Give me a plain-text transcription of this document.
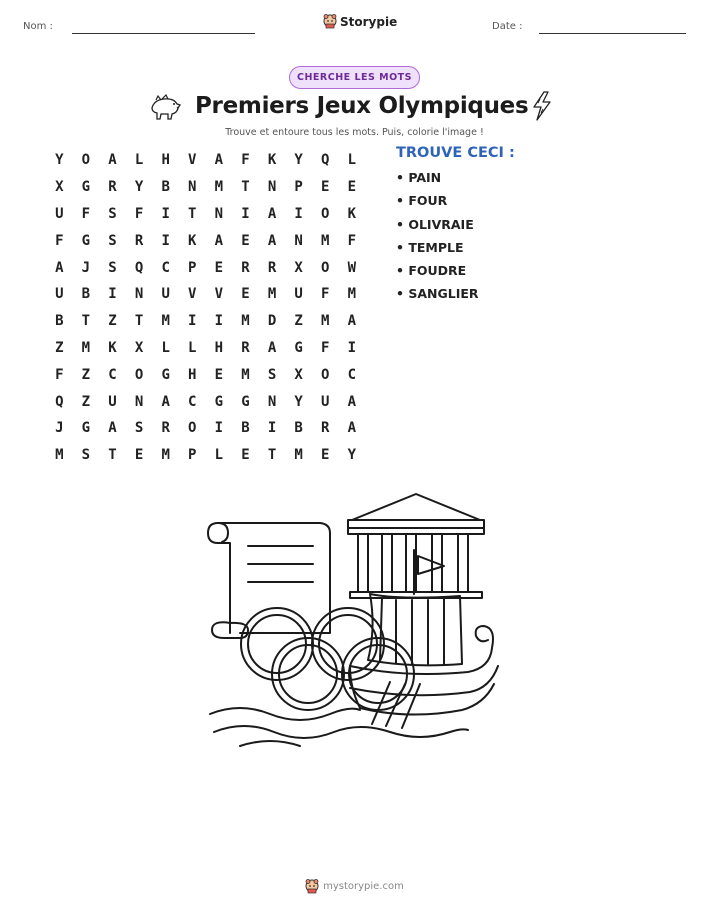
Nom :	Storypie	Date :
CHERCHE LES MOTS
Premiers Jeux Olympiques
Trouve et entoure tous les mots. Puis, colorie l'image !
Y	O	A	L	H	V	A	F	K	Y	Q	L
X	G	R	Y	B	N	M	T	N	P	E	E
U	F	S	F	I	T	N	I	A	I	O	K
F	G	S	R	I	K	A	E	A	N	M	F
A	J	S	Q	C	P	E	R	R	X	O	W
U	B	I	N	U	V	V	E	M	U	F	M
B	T	Z	T	M	I	I	M	D	Z	M	A
Z	M	K	X	L	L	H	R	A	G	F	I
F	Z	C	O	G	H	E	M	S	X	O	C
Q	Z	U	N	A	C	G	G	N	Y	U	A
J	G	A	S	R	O	I	B	I	B	R	A
M	S	T	E	M	P	L	E	T	M	E	Y
TROUVE CECI :
• PAIN
• FOUR
• OLIVRAIE
• TEMPLE
• FOUDRE
• SANGLIER
mystorypie.com
